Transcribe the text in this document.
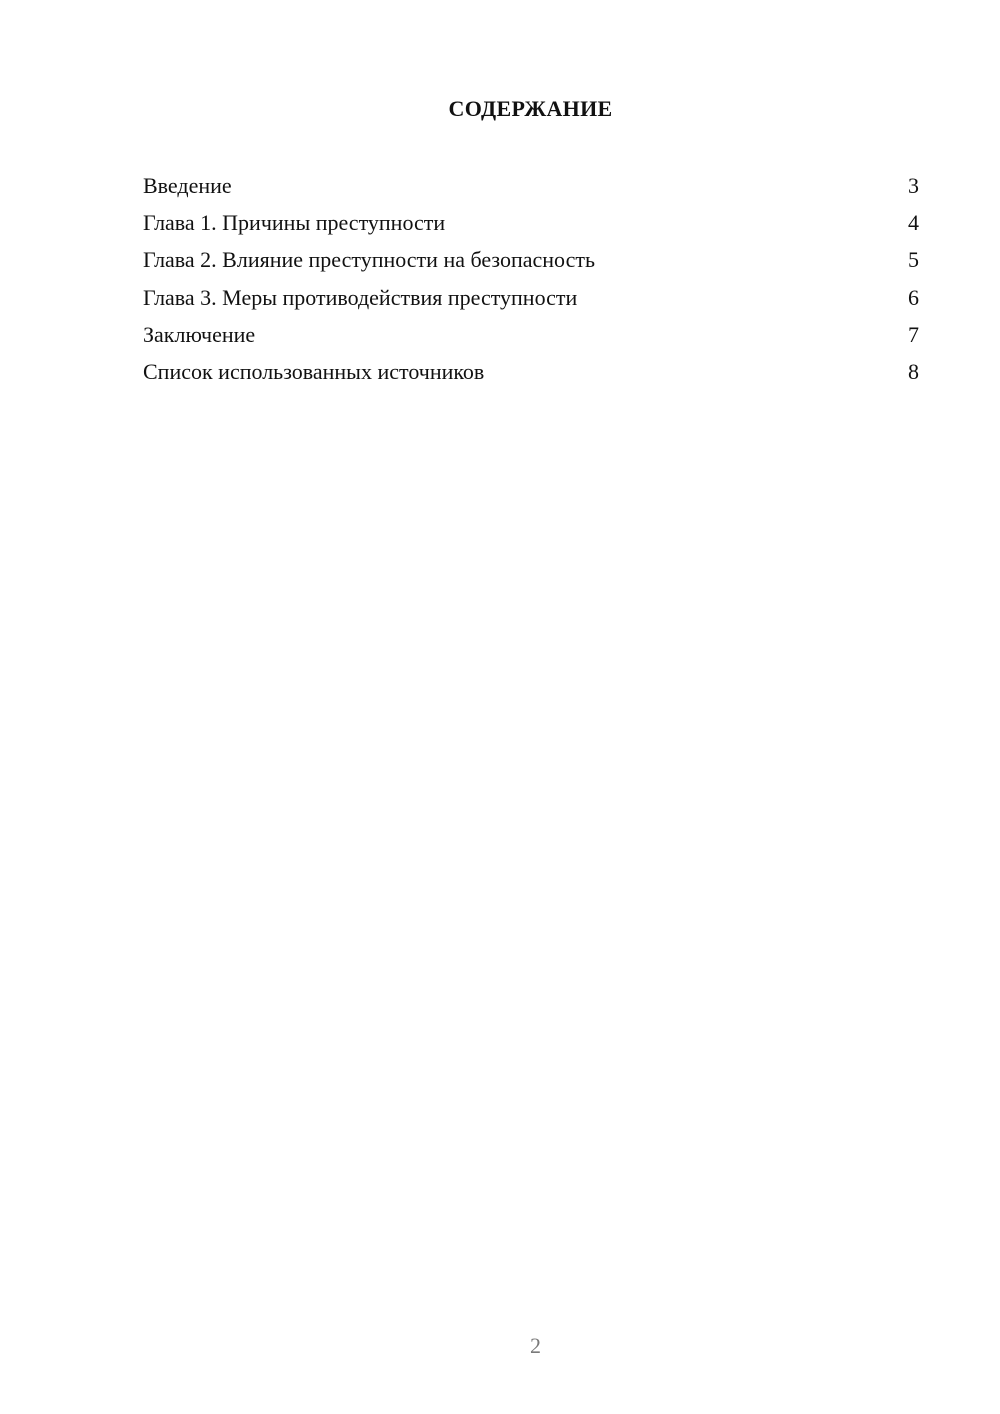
СОДЕРЖАНИЕ
Введение	3
Глава 1. Причины преступности	4
Глава 2. Влияние преступности на безопасность	5
Глава 3. Меры противодействия преступности	6
Заключение	7
Список использованных источников	8
2
